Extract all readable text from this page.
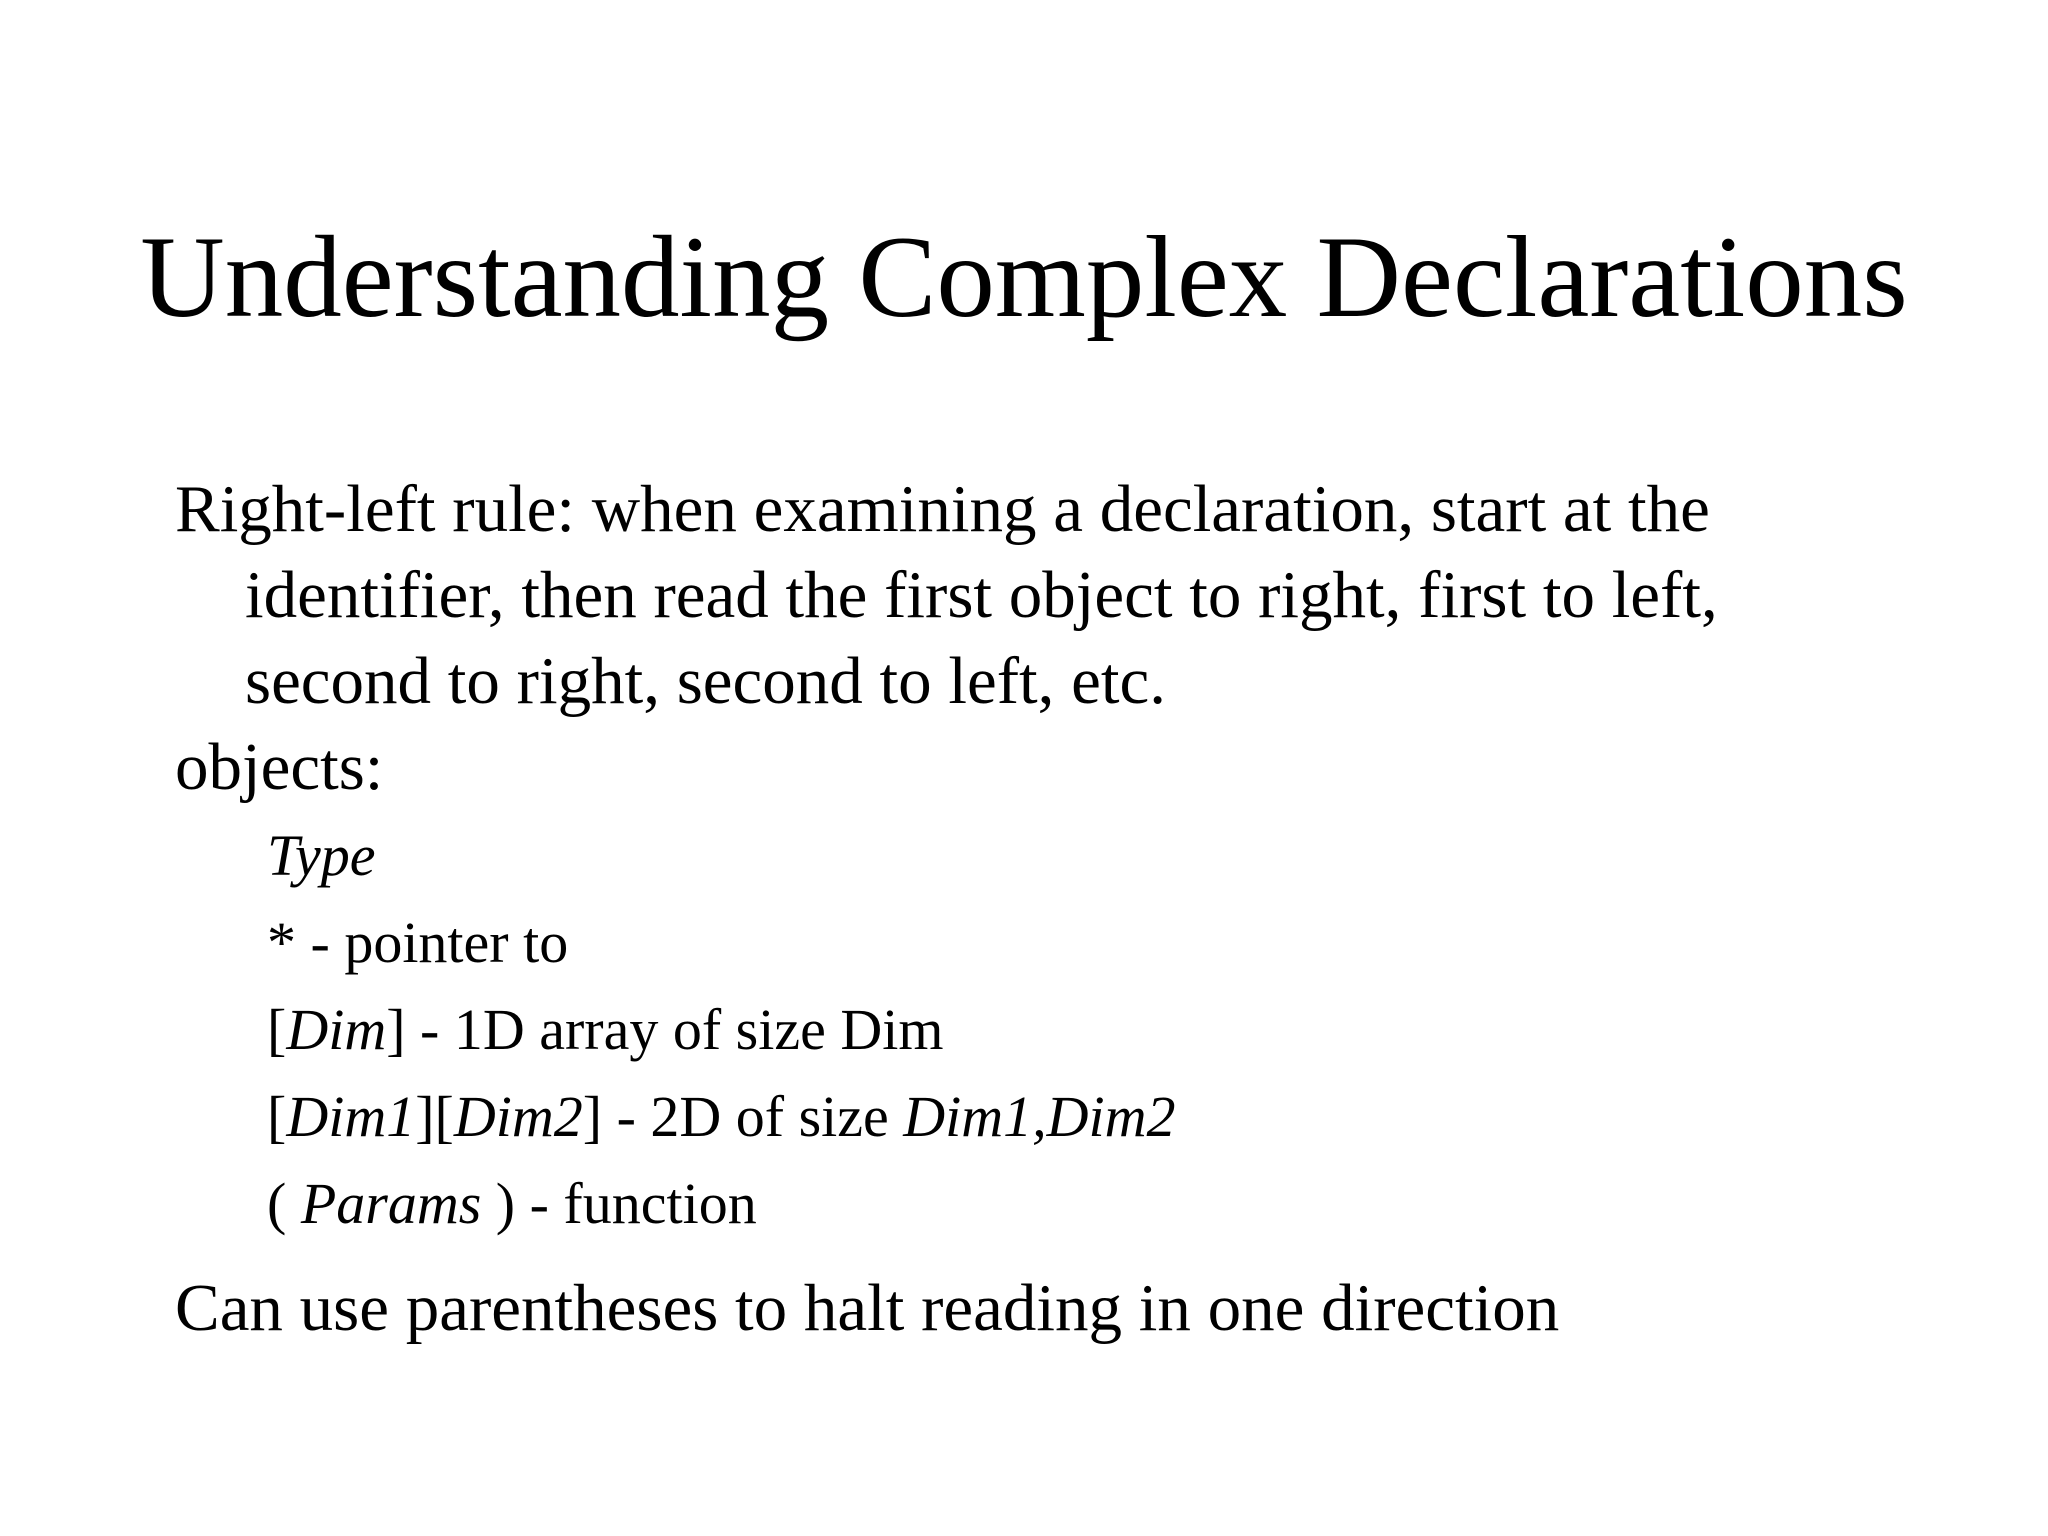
Understanding Complex Declarations
Right-left rule: when examining a declaration, start at the identifier, then read the first object to right, first to left, second to right, second to left, etc.
objects:
Type
* - pointer to
[Dim] - 1D array of size Dim
[Dim1][Dim2] - 2D of size Dim1,Dim2
( Params ) - function
Can use parentheses to halt reading in one direction
